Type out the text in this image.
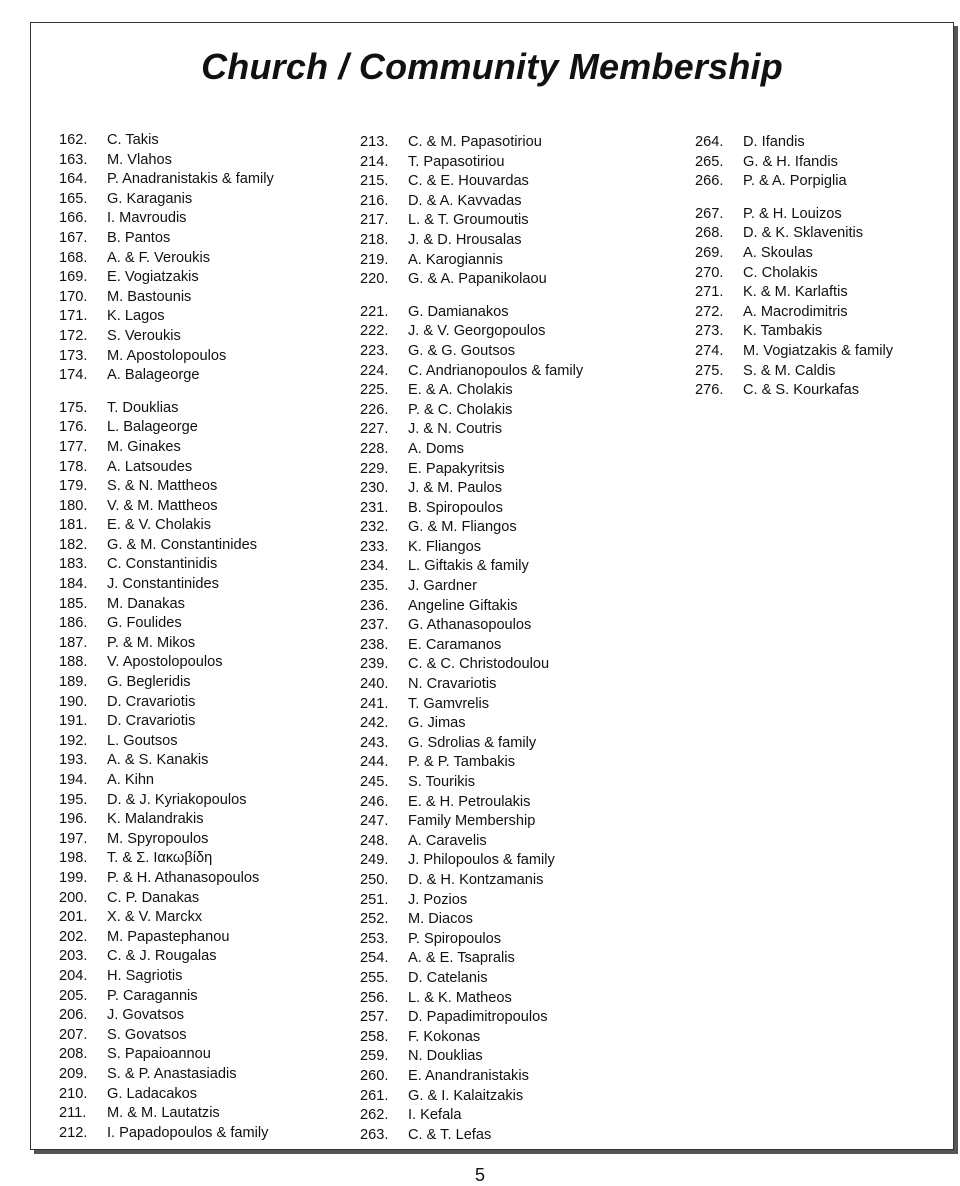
Church / Community Membership
162.	C. Takis
163.	M. Vlahos
164.	P. Anadranistakis & family
165.	G. Karaganis
166.	I. Mavroudis
167.	B. Pantos
168.	A. & F. Veroukis
169.	E. Vogiatzakis
170.	M. Bastounis
171.	K. Lagos
172.	S. Veroukis
173.	M. Apostolopoulos
174.	A. Balageorge
175.	T. Douklias
176.	L. Balageorge
177.	M. Ginakes
178.	A. Latsoudes
179.	S. & N. Mattheos
180.	V. & M. Mattheos
181.	E. & V. Cholakis
182.	G. & M. Constantinides
183.	C. Constantinidis
184.	J. Constantinides
185.	M. Danakas
186.	G. Foulides
187.	P. & M. Mikos
188.	V. Apostolopoulos
189.	G. Begleridis
190.	D. Cravariotis
191.	D. Cravariotis
192.	L. Goutsos
193.	A. & S. Kanakis
194.	A. Kihn
195.	D. & J. Kyriakopoulos
196.	K. Malandrakis
197.	M. Spyropoulos
198.	T. & Σ. Ιακωβίδη
199.	P. & H. Athanasopoulos
200.	C. P. Danakas
201.	X. & V. Marckx
202.	M. Papastephanou
203.	C. & J. Rougalas
204.	H. Sagriotis
205.	P. Caragannis
206.	J. Govatsos
207.	S. Govatsos
208.	S. Papaioannou
209.	S. & P. Anastasiadis
210.	G. Ladacakos
211.	M. & M. Lautatzis
212.	I. Papadopoulos & family
213.	C. & M. Papasotiriou
214.	T. Papasotiriou
215.	C. & E. Houvardas
216.	D. & A. Kavvadas
217.	L. & T. Groumoutis
218.	J. & D. Hrousalas
219.	A. Karogiannis
220.	G. & A. Papanikolaou
221.	G. Damianakos
222.	J. & V. Georgopoulos
223.	G. & G. Goutsos
224.	C. Andrianopoulos & family
225.	E. & A. Cholakis
226.	P. & C. Cholakis
227.	J. & N. Coutris
228.	A. Doms
229.	E. Papakyritsis
230.	J. & M. Paulos
231.	B. Spiropoulos
232.	G. & M. Fliangos
233.	K. Fliangos
234.	L. Giftakis & family
235.	J. Gardner
236.	Angeline Giftakis
237.	G. Athanasopoulos
238.	E. Caramanos
239.	C. & C. Christodoulou
240.	N. Cravariotis
241.	T. Gamvrelis
242.	G. Jimas
243.	G. Sdrolias & family
244.	P. & P. Tambakis
245.	S. Tourikis
246.	E. & H. Petroulakis
247.	Family Membership
248.	A. Caravelis
249.	J. Philopoulos & family
250.	D. & H. Kontzamanis
251.	J. Pozios
252.	M. Diacos
253.	P. Spiropoulos
254.	A. & E. Tsapralis
255.	D. Catelanis
256.	L. & K. Matheos
257.	D. Papadimitropoulos
258.	F. Kokonas
259.	N. Douklias
260.	E. Anandranistakis
261.	G. & I. Kalaitzakis
262.	I. Kefala
263.	C. & T. Lefas
264.	D. Ifandis
265.	G. & H. Ifandis
266.	P. & A. Porpiglia
267.	P. & H. Louizos
268.	D. & K. Sklavenitis
269.	A. Skoulas
270.	C. Cholakis
271.	K. & M. Karlaftis
272.	A. Macrodimitris
273.	K. Tambakis
274.	M. Vogiatzakis & family
275.	S. & M. Caldis
276.	C. & S. Kourkafas
5
